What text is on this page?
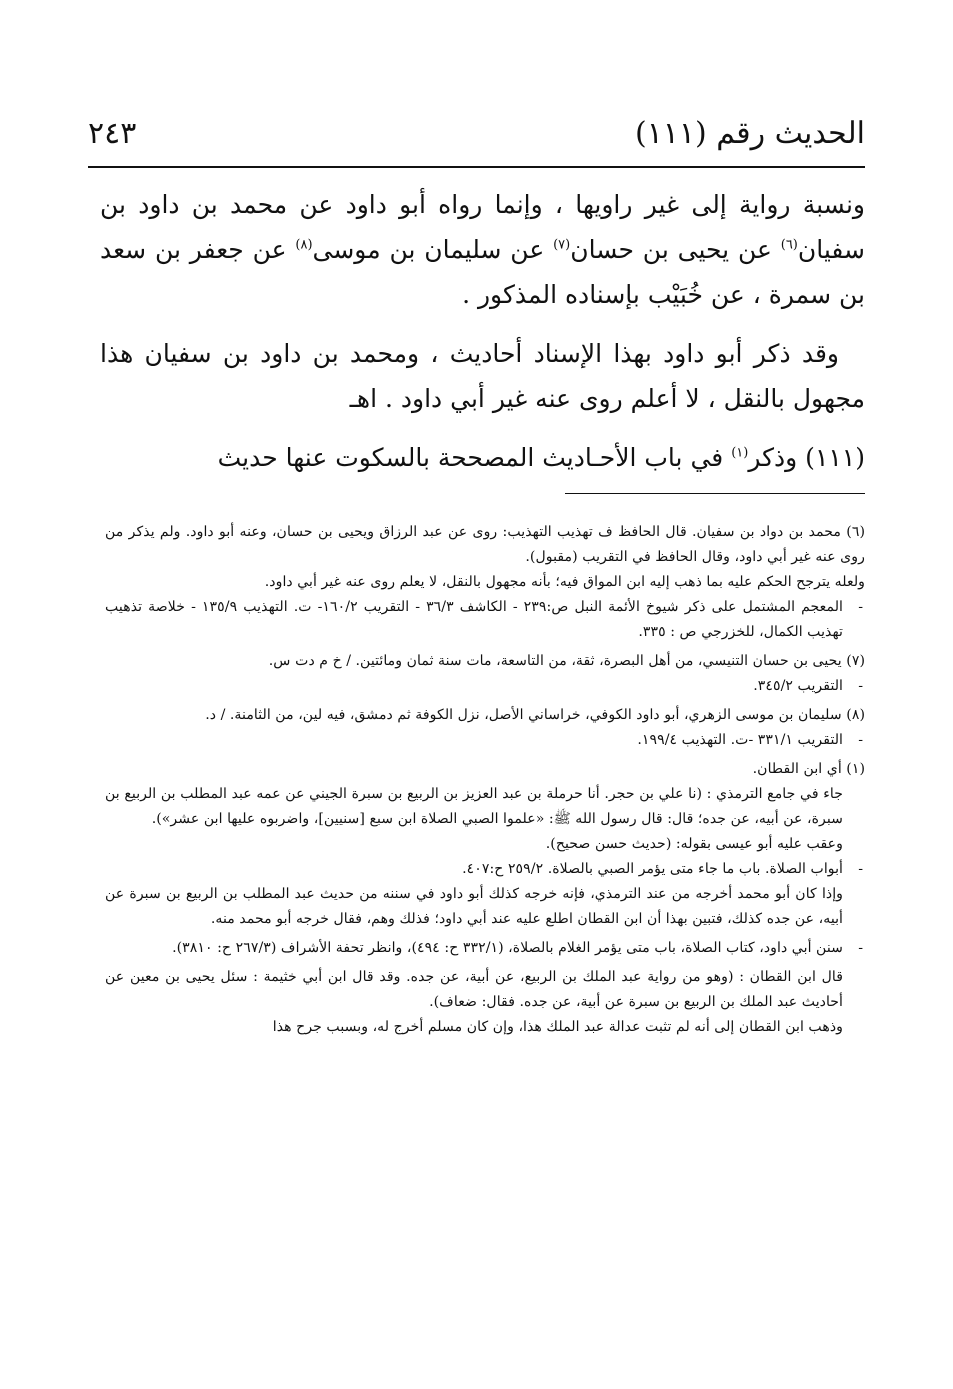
الحديث رقم (١١١)
٢٤٣

ونسبة رواية إلى غير راويها ، وإنما رواه أبو داود عن محمد بن داود بن سفيان$^{(٦)}$ عن يحيى بن حسان$^{(٧)}$ عن سليمان بن موسى$^{(٨)}$ عن جعفر بن سعد بن سمرة ، عن خُبَيْب بإسناده المذكور .

وقد ذكر أبو داود بهذا الإسناد أحاديث ، ومحمد بن داود بن سفيان هذا مجهول بالنقل ، لا أعلم روى عنه غير أبي داود . اهـ

(١١١) وذكر$^{(١)}$ في باب الأحـاديث المصححة بالسكوت عنها حديث

(٦) محمد بن دواد بن سفيان. قال الحافظ ف تهذيب التهذيب: روى عن عبد الرزاق ويحيى بن حسان، وعنه أبو داود. ولم يذكر من روى عنه غير أبي داود، وقال الحافظ في التقريب (مقبول).

ولعله يترجح الحكم عليه بما ذهب إليه ابن المواق فيه؛ بأنه مجهول بالنقل، لا يعلم روى عنه غير أبي داود.

- المعجم المشتمل على ذكر شيوخ الأئمة النبل ص:٢٣٩ - الكاشف ٣٦/٣ - التقريب ١٦٠/٢- ت. التهذيب ١٣٥/٩ - خلاصة تذهيب تهذيب الكمال، للخزرجي ص : ٣٣٥.

(٧) يحيى بن حسان التنيسي، من أهل البصرة، ثقة، من التاسعة، مات سنة ثمان ومائتين. / خ م دت س.

- التقريب ٣٤٥/٢.

(٨) سليمان بن موسى الزهري، أبو داود الكوفي، خراساني الأصل، نزل الكوفة ثم دمشق، فيه لين، من الثامنة. / د.

- التقريب ٣٣١/١ -ت. التهذيب ١٩٩/٤.

(١) أي ابن القطان.

جاء في جامع الترمذي : (نا علي بن حجر. أنا حرملة بن عبد العزيز بن الربيع بن سبرة الجيني عن عمه عبد المطلب بن الربيع بن سبرة، عن أبيه، عن جده؛ قال: قال رسول الله ﷺ: «علموا الصبي الصلاة ابن سبع [سنيين]، واضربوه عليها ابن عشر»).

وعقب عليه أبو عيسى بقوله: (حديث حسن صحيح).

- أبواب الصلاة. باب ما جاء متى يؤمر الصبي بالصلاة. ٢٥٩/٢ ح:٤٠٧.

وإذا كان أبو محمد أخرجه من عند الترمذي، فإنه خرجه كذلك أبو داود في سننه من حديث عبد المطلب بن الربيع بن سبرة عن أبيه، عن جده كذلك، فتبين بهذا أن ابن القطان اطلع عليه عند أبي داود؛ فذلك وهم، فقال خرجه أبو محمد منه.

- سنن أبي داود، كتاب الصلاة، باب متى يؤمر الغلام بالصلاة، (٣٣٢/١ ح: ٤٩٤)، وانظر تحفة الأشراف (٢٦٧/٣ ح: ٣٨١٠).

قال ابن القطان : (وهو من رواية عبد الملك بن الربيع، عن أبية، عن جده. وقد قال ابن أبي خثيمة : سئل يحيى بن معين عن أحاديث عبد الملك بن الربيع بن سبرة عن أبية، عن جده. فقال: ضعاف).

وذهب ابن القطان إلى أنه لم تثبت عدالة عبد الملك هذا، وإن كان مسلم أخرج له، وبسبب جرح هذا
